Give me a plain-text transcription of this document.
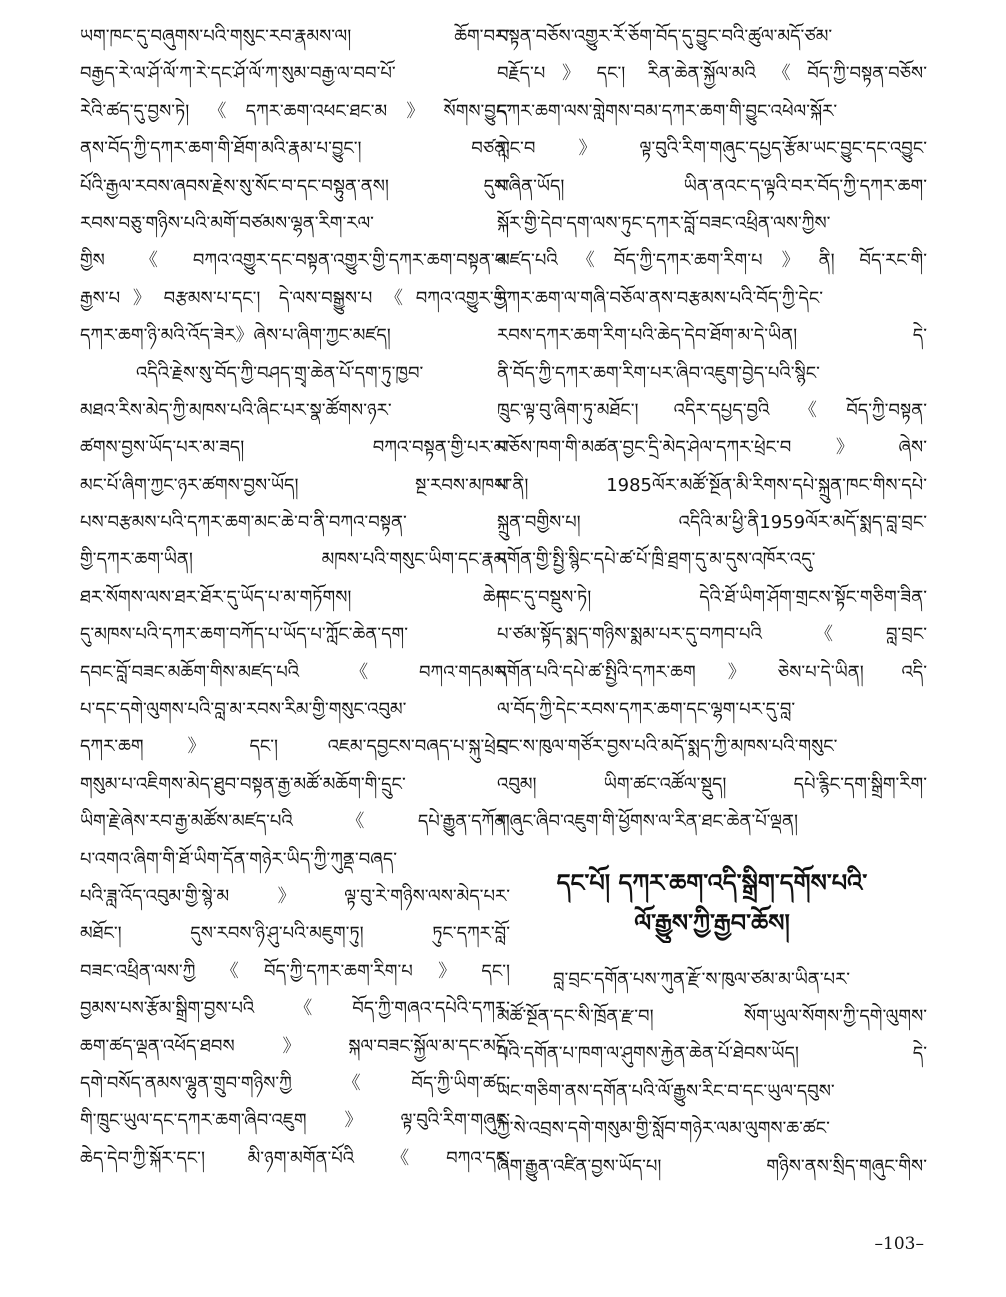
ཡག་ཁང་དུ་བཞུགས་པའི་གསུང་རབ་རྣམས་ལ། ཆོག་བར་
བརྒྱད་རེ་ལ་ཤོ་ལོ་ཀ་རེ་དང་ཤོ་ལོ་ཀ་སུམ་བརྒྱ་ལ་བབ་པོ་
རེའི་ཚད་དུ་བྱས་ཏེ།《དཀར་ཆག་འཕང་ཐང་མ》སོགས་བྱུང་
ནས་བོད་ཀྱི་དཀར་ཆག་གི་ཐོག་མའི་རྣམ་པ་བྱུང་། བཙན་
པོའི་རྒྱལ་རབས་ཞབས་རྗེས་སུ་སོང་བ་དང་བསྟུན་ནས། དུས་
རབས་བཅུ་གཉིས་པའི་མགོ་བཙམས་ལྷན་རིག་རལ་
གྱིས《བཀའ་འགྱུར་དང་བསྟན་འགྱུར་གྱི་དཀར་ཆག་བསྟན་པ་
རྒྱས་པ》བརྩམས་པ་དང་། དེ་ལས་བསྒྱུས་པ《བཀའ་འགྱུར་གྱི་
དཀར་ཆག་ཉི་མའི་འོད་ཟེར》ཞེས་པ་ཞིག་ཀྱང་མཛད།
འདིའི་རྗེས་སུ་བོད་ཀྱི་བཤད་གྲྭ་ཆེན་པོ་དག་ཏུ་ཁྱབ་
མཐའ་རིས་མེད་ཀྱི་མཁས་པའི་ཞིང་པར་སྣ་ཚོགས་ཉར་
ཚགས་བྱས་ཡོད་པར་མ་ཟད། བཀའ་བསྟན་གྱི་པར་མ་
མང་པོ་ཞིག་ཀྱང་ཉར་ཚགས་བྱས་ཡོད། སྔ་རབས་མཁས་
པས་བརྩམས་པའི་དཀར་ཆག་མང་ཆེ་བ་ནི་བཀའ་བསྟན་
གྱི་དཀར་ཆག་ཡིན། མཁས་པའི་གསུང་ཡིག་དང་རྣམ་
ཐར་སོགས་ལས་ཐར་ཐོར་དུ་ཡོད་པ་མ་གཏོགས། ཆེད་
དུ་མཁས་པའི་དཀར་ཆག་བཀོད་པ་ཡོད་པ་ཀློང་ཆེན་དག་
དབང་བློ་བཟང་མཆོག་གིས་མཛད་པའི《བཀའ་གདམས་
པ་དང་དགེ་ལུགས་པའི་བླ་མ་རབས་རིམ་གྱི་གསུང་འབུམ་
དཀར་ཆག》དང་། འཇམ་དབྱངས་བཞད་པ་སྐུ་ཕྲེང་
གསུམ་པ་འཇིགས་མེད་ཐུབ་བསྟན་རྒྱ་མཚོ་མཆོག་གི་དྲུང་
ཡིག་རྗེ་ཞེས་རབ་རྒྱ་མཚོས་མཛད་པའི《དཔེ་རྒྱུན་དཀོན་
པ་འགའ་ཞིག་གི་ཐོ་ཡིག་དོན་གཉེར་ཡིད་ཀྱི་ཀུནྡ་བཞད་
པའི་ཟླ་འོད་འབུམ་གྱི་སྙེ་མ》ལྟ་བུ་རེ་གཉིས་ལས་མེད་པར་
མཐོང་། དུས་རབས་ཉི་ཤུ་པའི་མཇུག་ཏུ། ཏུང་དཀར་བློ་
བཟང་འཕྲིན་ལས་ཀྱི《བོད་ཀྱི་དཀར་ཆག་རིག་པ》དང་།
བྱམས་པས་རྩོམ་སྒྲིག་བྱས་པའི《བོད་ཀྱི་གཞའ་དཔེའི་དཀར་
ཆག་ཚད་ལྡན་འཕོད་ཐབས》སྐལ་བཟང་སྐྱོལ་མ་དང་མདོ་
དགེ་བསོད་ནམས་ལྷུན་གྲུབ་གཉིས་ཀྱི《བོད་ཀྱི་ཡིག་ཚང་
གི་ཁྲུང་ཡུལ་དང་དཀར་ཆག་ཞིབ་འཇུག》ལྟ་བུའི་རིག་གཞུང་
ཆེད་དེབ་ཀྱི་སྐོར་དང་། མི་ཉག་མགོན་པོའི《བཀའ་དང་
བསྟན་བཅོས་འགྱུར་རོ་ཅོག་བོད་དུ་བྱུང་བའི་ཚུལ་མདོ་ཙམ་
བརྗོད་པ》དང་། རིན་ཆེན་སྐྱོལ་མའི《བོད་ཀྱི་བསྟན་བཅོས་
དཀར་ཆག་ལས་གླེགས་བམ་དཀར་ཆག་གི་བྱུང་འཕེལ་སྐོར་
གླེང་བ》ལྟ་བུའི་རིག་གཞུང་དཔྱད་རྩོམ་ཡང་བྱུང་དང་འབྱུང་
བཞིན་ཡོད། ཡིན་ནའང་ད་ལྟའི་བར་བོད་ཀྱི་དཀར་ཆག་
སྐོར་གྱི་དེབ་དག་ལས་ཏུང་དཀར་བློ་བཟང་འཕྲིན་ལས་ཀྱིས་
མཛད་པའི《བོད་ཀྱི་དཀར་ཆག་རིག་པ》ནི། བོད་རང་གི་
དཀར་ཆག་ལ་གཞི་བཅོལ་ནས་བརྩམས་པའི་བོད་ཀྱི་དེང་
རབས་དཀར་ཆག་རིག་པའི་ཆེད་དེབ་ཐོག་མ་དེ་ཡིན། དེ་
ནི་བོད་ཀྱི་དཀར་ཆག་རིག་པར་ཞིབ་འཇུག་བྱེད་པའི་སྙིང་
ཁྲུང་ལྟ་བུ་ཞིག་ཏུ་མཐོང་། འདིར་དཔྱད་བྱའི《བོད་ཀྱི་བསྟན་
བཅོས་ཁག་གི་མཚན་བྱང་དྲི་མེད་ཤེལ་དཀར་ཕྲེང་བ》ཞེས་
པ་ནི། 1985ལོར་མཚོ་སྔོན་མི་རིགས་དཔེ་སྐྲུན་ཁང་གིས་དཔེ་
སྐྲུན་བགྱིས་པ། འདིའི་མ་ཕྱི་ནི1959ལོར་མདོ་སྨད་བླ་བྲང་
དགོན་གྱི་སྤྱི་སྙིང་དཔེ་ཚ་པོ་ཁྲི་ཐྲག་དུ་མ་དུས་འཁོར་འདུ་
ཁང་དུ་བསྡུས་ཏེ། དེའི་ཐོ་ཡིག་ཤོག་གྲངས་སྟོང་གཅིག་ཟིན་
པ་ཙམ་སྟོད་སྨད་གཉིས་སྨམ་པར་དུ་བཀབ་པའི《བླ་བྲང་
དགོན་པའི་དཔེ་ཚ་སྤྱིའི་དཀར་ཆག》ཅེས་པ་དེ་ཡིན། འདི་
ལ་བོད་ཀྱི་དེང་རབས་དཀར་ཆག་དང་ལྷག་པར་དུ་བླ་
བྲང་ས་ཁུལ་གཙོར་བྱས་པའི་མདོ་སྨད་ཀྱི་མཁས་པའི་གསུང་
འབུམ། ཡིག་ཚང་འཚོལ་སྡུད། དཔེ་རྙིང་དག་སྒྲིག་རིག་
གཞུང་ཞིབ་འཇུག་གི་ཕྱོགས་ལ་རིན་ཐང་ཆེན་པོ་ལྡན།
དང་པོ། དཀར་ཆག་འདི་སྒྲིག་དགོས་པའི་
ལོ་རྒྱུས་ཀྱི་རྒྱབ་ཆོས།
བླ་བྲང་དགོན་པས་ཀུན་རྫོ་ས་ཁུལ་ཙམ་མ་ཡིན་པར་
མཚོ་སྔོན་དང་སི་ཁྲོན་རྫ་བ། སོག་ཡུལ་སོགས་ཀྱི་དགེ་ལུགས་
པའི་དགོན་པ་ཁག་ལ་ཤུགས་རྐྱེན་ཆེན་པོ་ཐེབས་ཡོད། དེ་
ཡང་གཅིག་ནས་དགོན་པའི་ལོ་རྒྱུས་རིང་བ་དང་ཡུལ་དབུས་
ཀྱི་སེ་འབྲས་དགེ་གསུམ་གྱི་སློབ་གཉེར་ལམ་ལུགས་ཆ་ཚང་
ཞིག་རྒྱུན་འཛིན་བྱས་ཡོད་པ། གཉིས་ནས་སྲིད་གཞུང་གིས་
–103–
